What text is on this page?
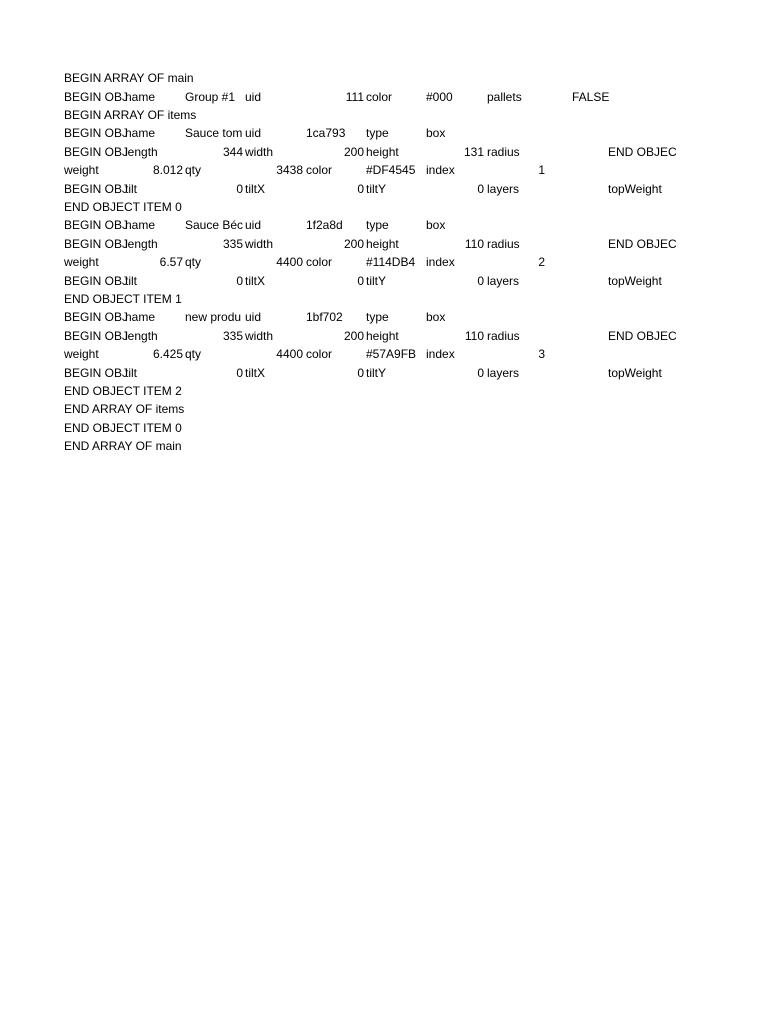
BEGIN ARRAY OF main
BEGIN OBJ
name	Group #1 uid	111 color	#000	pallets	FALSE
BEGIN ARRAY OF items
BEGIN OBJ
name	Sauce tom uid	1ca793	type	box
BEGIN OBJ
length	344 width	200 height	131 radius	END OBJEC
weight	8.012 qty	3438 color	#DF4545 index	1
BEGIN OBJ
tilt	0 tiltX	0 tiltY	0 layers	topWeight
END OBJECT ITEM 0
BEGIN OBJ
name	Sauce Béc uid	1f2a8d	type	box
BEGIN OBJ
length	335 width	200 height	110 radius	END OBJEC
weight	6.57 qty	4400 color	#114DB4 index	2
BEGIN OBJ
tilt	0 tiltX	0 tiltY	0 layers	topWeight
END OBJECT ITEM 1
BEGIN OBJ
name	new produ uid	1bf702	type	box
BEGIN OBJ
length	335 width	200 height	110 radius	END OBJEC
weight	6.425 qty	4400 color	#57A9FB index	3
BEGIN OBJ
tilt	0 tiltX	0 tiltY	0 layers	topWeight
END OBJECT ITEM 2
END ARRAY OF items
END OBJECT ITEM 0
END ARRAY OF main
